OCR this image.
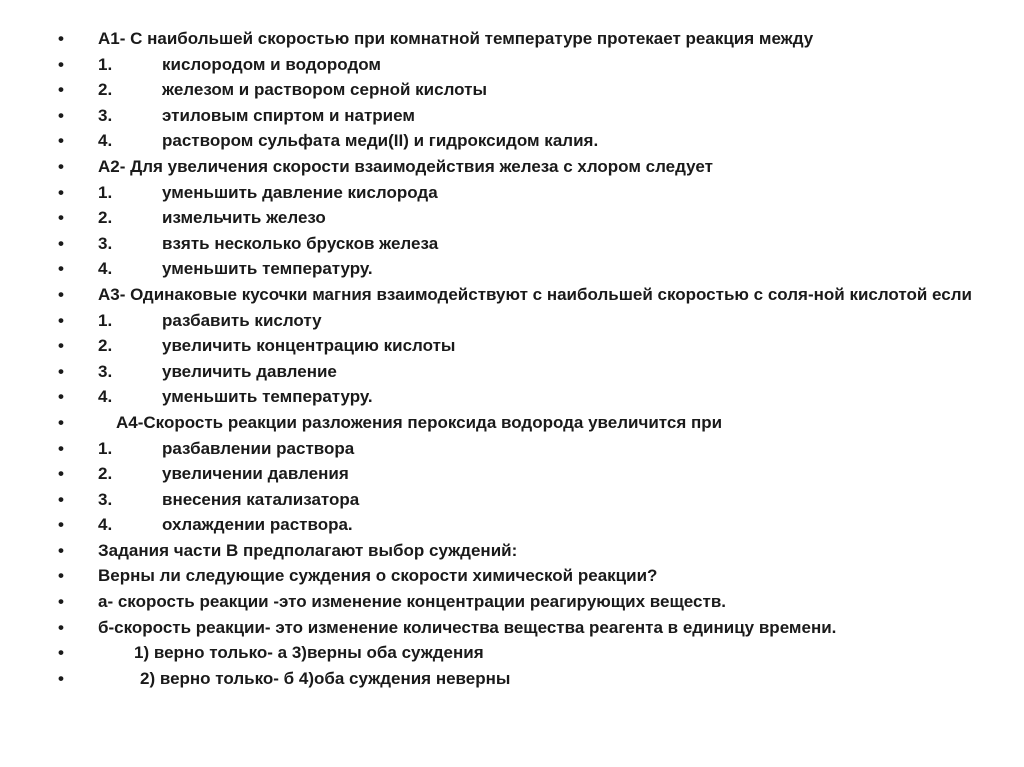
•	А1- С наибольшей скоростью при комнатной температуре протекает реакция между
•	1.	кислородом и водородом
•	2.	железом и раствором серной кислоты
•	3.	этиловым спиртом и натрием
•	4.	раствором сульфата меди(II) и гидроксидом калия.
•	А2- Для увеличения скорости взаимодействия железа с хлором следует
•	1.	уменьшить давление кислорода
•	2.	измельчить железо
•	3.	взять несколько брусков железа
•	4.	уменьшить температуру.
•	А3- Одинаковые кусочки магния взаимодействуют с наибольшей скоростью с соля-ной кислотой если
•	1.	разбавить кислоту
•	2.	увеличить концентрацию кислоты
•	3.	увеличить давление
•	4.	уменьшить температуру.
•	А4-Скорость реакции разложения пероксида водорода увеличится при
•	1.	разбавлении раствора
•	2.	увеличении давления
•	3.	внесения катализатора
•	4.	охлаждении раствора.
•	Задания части В предполагают выбор суждений:
•	Верны ли следующие суждения о скорости химической реакции?
•	а- скорость реакции -это изменение концентрации реагирующих веществ.
•	б-скорость реакции- это изменение количества вещества реагента в единицу времени.
•	1) верно только- а 3)верны оба суждения
•	2) верно только- б 4)оба суждения неверны
